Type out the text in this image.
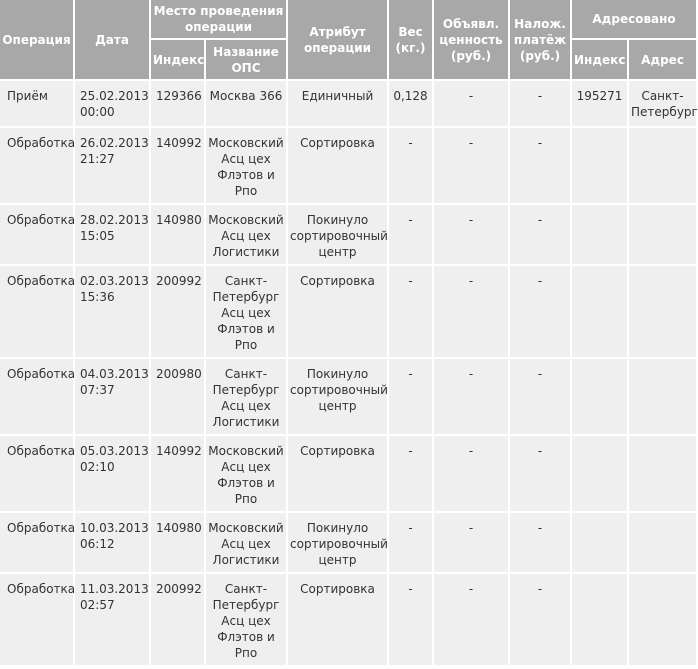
Операция	Дата	Место проведения операции		Атрибут операции	Вес (кг.)	Объявл. ценность (руб.)	Налож. платёж (руб.)	Адресовано	
		Индекс	Название ОПС					Индекс	Адрес
Приём	25.02.2013 00:00	129366	Москва 366	Единичный	0,128	-	-	195271	Санкт-Петербург
Обработка	26.02.2013 21:27	140992	Московский Асц цех Флэтов и Рпо	Сортировка	-	-	-		
Обработка	28.02.2013 15:05	140980	Московский Асц цех Логистики	Покинуло сортировочный центр	-	-	-		
Обработка	02.03.2013 15:36	200992	Санкт-Петербург Асц цех Флэтов и Рпо	Сортировка	-	-	-		
Обработка	04.03.2013 07:37	200980	Санкт-Петербург Асц цех Логистики	Покинуло сортировочный центр	-	-	-		
Обработка	05.03.2013 02:10	140992	Московский Асц цех Флэтов и Рпо	Сортировка	-	-	-		
Обработка	10.03.2013 06:12	140980	Московский Асц цех Логистики	Покинуло сортировочный центр	-	-	-		
Обработка	11.03.2013 02:57	200992	Санкт-Петербург Асц цех Флэтов и Рпо	Сортировка	-	-	-		
